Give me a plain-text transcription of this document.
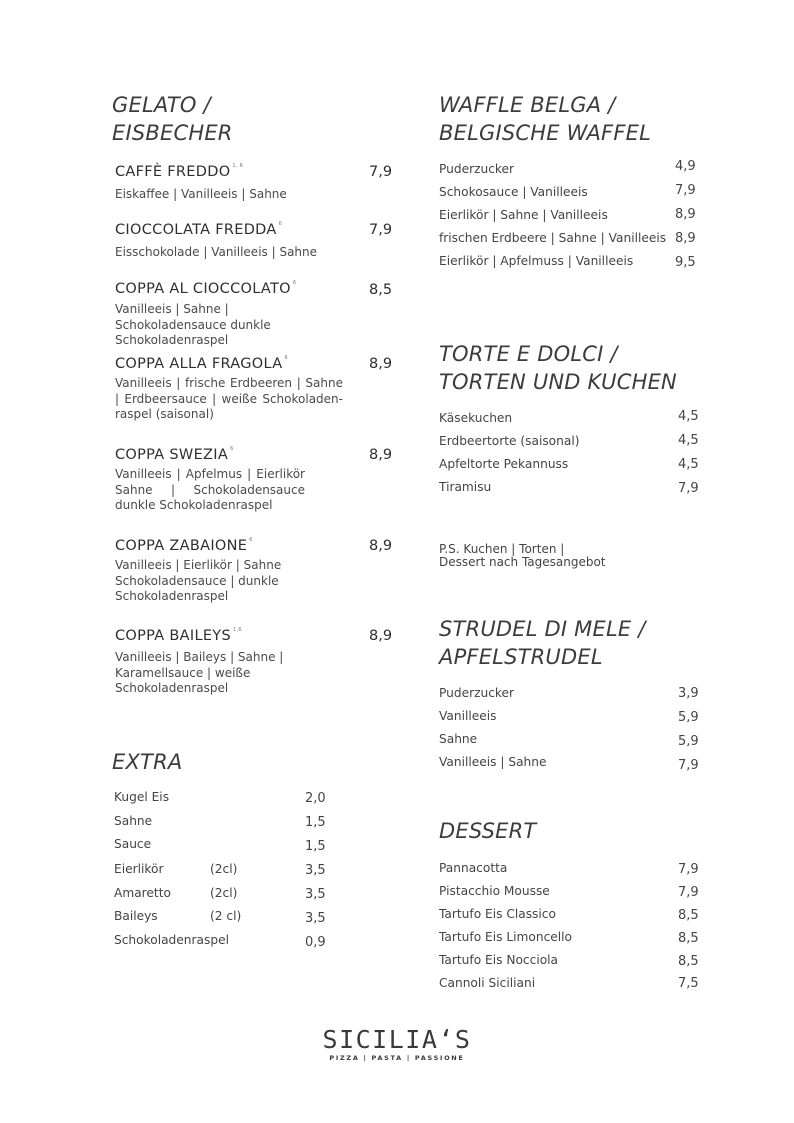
GELATO /
EISBECHER
CAFFÈ FREDDO $^{1, 6}$	7,9
Eiskaffee | Vanilleeis | Sahne
CIOCCOLATA FREDDA $^6$	7,9
Eisschokolade | Vanilleeis | Sahne
COPPA AL CIOCCOLATO $^6$	8,5
Vanilleeis | Sahne | Schokoladensauce dunkle Schokoladenraspel
COPPA ALLA FRAGOLA $^6$	8,9
Vanilleeis | frische Erdbeeren | Sahne | Erdbeersauce | weiße Schokoladen-raspel (saisonal)
COPPA SWEZIA $^6$	8,9
Vanilleeis | Apfelmus | Eierlikör Sahne | Schokoladensauce dunkle Schokoladenraspel
COPPA ZABAIONE $^6$	8,9
Vanilleeis | Eierlikör | Sahne Schokoladensauce | dunkle Schokoladenraspel
COPPA BAILEYS $^{1,6}$	8,9
Vanilleeis | Baileys | Sahne | Karamellsauce | weiße Schokoladenraspel
EXTRA
Kugel Eis	2,0
Sahne	1,5
Sauce	1,5
Eierlikör	(2cl)	3,5
Amaretto	(2cl)	3,5
Baileys	(2 cl)	3,5
Schokoladenraspel	0,9
WAFFLE BELGA /
BELGISCHE WAFFEL
Puderzucker	4,9
Schokosauce | Vanilleeis	7,9
Eierlikör | Sahne | Vanilleeis	8,9
frischen Erdbeere | Sahne | Vanilleeis 8,9
Eierlikör | Apfelmuss | Vanilleeis	9,5
TORTE E DOLCI /
TORTEN UND KUCHEN
Käsekuchen	4,5
Erdbeertorte (saisonal)	4,5
Apfeltorte Pekannuss	4,5
Tiramisu	7,9
P.S. Kuchen | Torten |
Dessert nach Tagesangebot
STRUDEL DI MELE /
APFELSTRUDEL
Puderzucker	3,9
Vanilleeis	5,9
Sahne	5,9
Vanilleeis | Sahne	7,9
DESSERT
Pannacotta	7,9
Pistacchio Mousse	7,9
Tartufo Eis Classico	8,5
Tartufo Eis Limoncello	8,5
Tartufo Eis Nocciola	8,5
Cannoli Siciliani	7,5
SICILIA‘S
PIZZA | PASTA | PASSIONE
